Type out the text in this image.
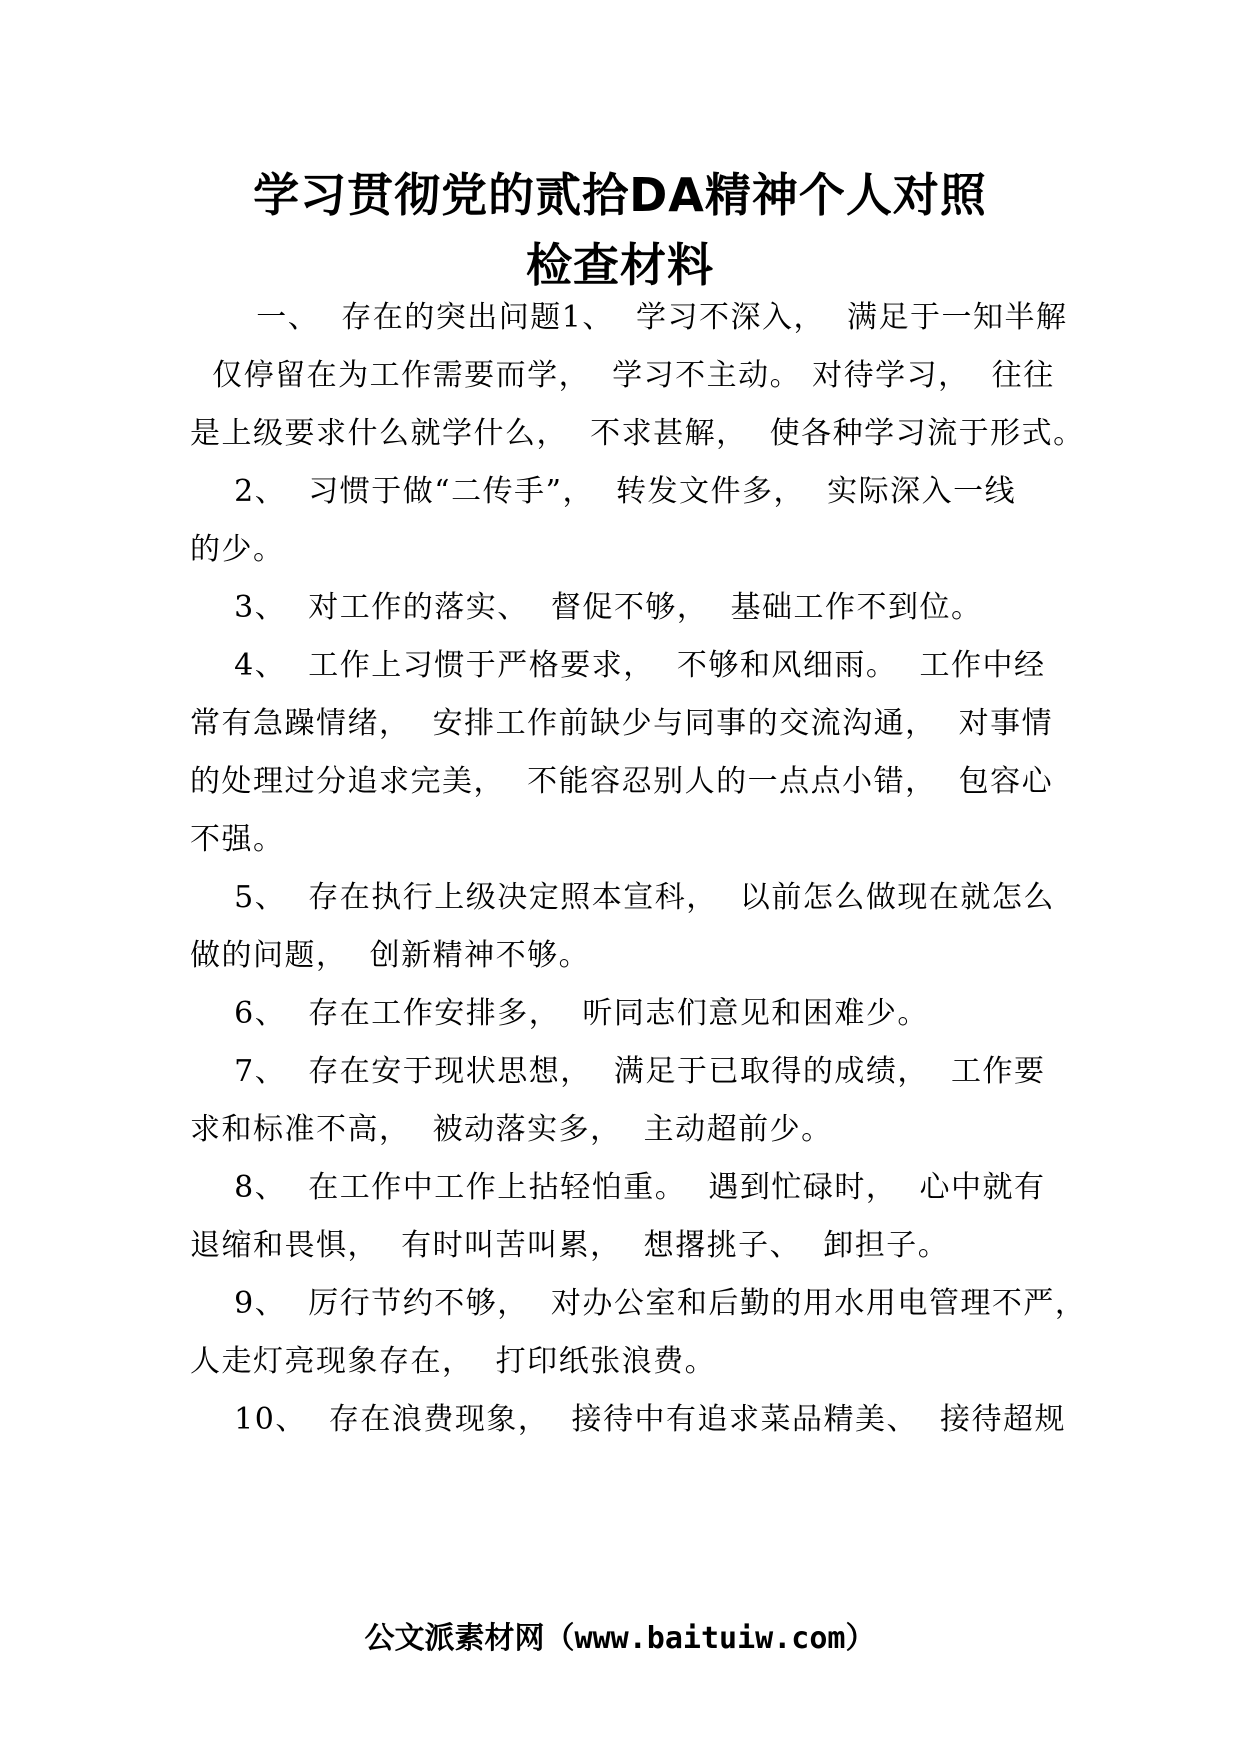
学习贯彻党的贰拾DA精神个人对照
检查材料
一、  存在的突出问题1、  学习不深入，  满足于一知半解
仅停留在为工作需要而学，  学习不主动。 对待学习，  往往
是上级要求什么就学什么，  不求甚解，  使各种学习流于形式。
2、  习惯于做“二传手”，  转发文件多，  实际深入一线
的少。
3、  对工作的落实、  督促不够，  基础工作不到位。
4、  工作上习惯于严格要求，  不够和风细雨。  工作中经
常有急躁情绪，  安排工作前缺少与同事的交流沟通，  对事情
的处理过分追求完美，  不能容忍别人的一点点小错，  包容心
不强。
5、  存在执行上级决定照本宣科，  以前怎么做现在就怎么
做的问题，  创新精神不够。
6、  存在工作安排多，  听同志们意见和困难少。
7、  存在安于现状思想，  满足于已取得的成绩，  工作要
求和标准不高，  被动落实多，  主动超前少。
8、  在工作中工作上拈轻怕重。  遇到忙碌时，  心中就有
退缩和畏惧，  有时叫苦叫累，  想撂挑子、  卸担子。
9、  厉行节约不够，  对办公室和后勤的用水用电管理不严，
人走灯亮现象存在，  打印纸张浪费。
10、  存在浪费现象，  接待中有追求菜品精美、  接待超规
公文派素材网（www.baituiw.com）
